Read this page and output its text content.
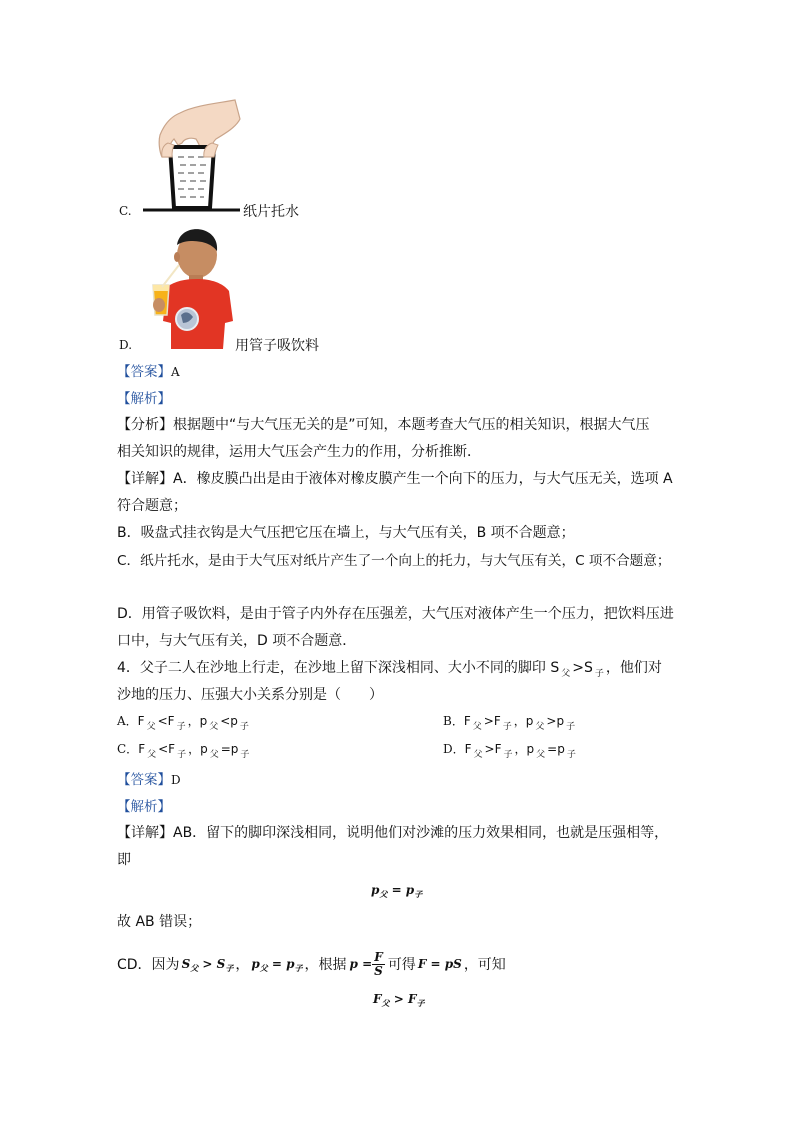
C.	纸片托水
D.	用管子吸饮料
【答案】A
【解析】
【分析】根据题中“与大气压无关的是”可知，本题考查大气压的相关知识，根据大气压
相关知识的规律，运用大气压会产生力的作用，分析推断．
【详解】A．橡皮膜凸出是由于液体对橡皮膜产生一个向下的压力，与大气压无关，选项 A
符合题意；
B．吸盘式挂衣钩是大气压把它压在墙上，与大气压有关，B 项不合题意；
C．纸片托水，是由于大气压对纸片产生了一个向上的托力，与大气压有关，C 项不合题意；
D．用管子吸饮料，是由于管子内外存在压强差，大气压对液体产生一个压力，把饮料压进
口中，与大气压有关，D 项不合题意．
4．父子二人在沙地上行走，在沙地上留下深浅相同、大小不同的脚印 S $_父$ >S $_子$ ，他们对
沙地的压力、压强大小关系分别是（　　）
A．F $_父$ <F $_子$ ，p $_父$ <p $_子$	B．F $_父$ >F $_子$ ，p $_父$ >p $_子$
C．F $_父$ <F $_子$ ，p $_父$ =p $_子$	D．F $_父$ >F $_子$ ，p $_父$ =p $_子$
【答案】D
【解析】
【详解】AB．留下的脚印深浅相同，说明他们对沙滩的压力效果相同，也就是压强相等，
即
$p_父 = p_子$
故 AB 错误；
CD．因为 $S_父 > S_子$ ， $p_父 = p_子$ ，根据 $p = \frac{F}{S}$ 可得 F = pS ，可知
$F_父 > F_子$
